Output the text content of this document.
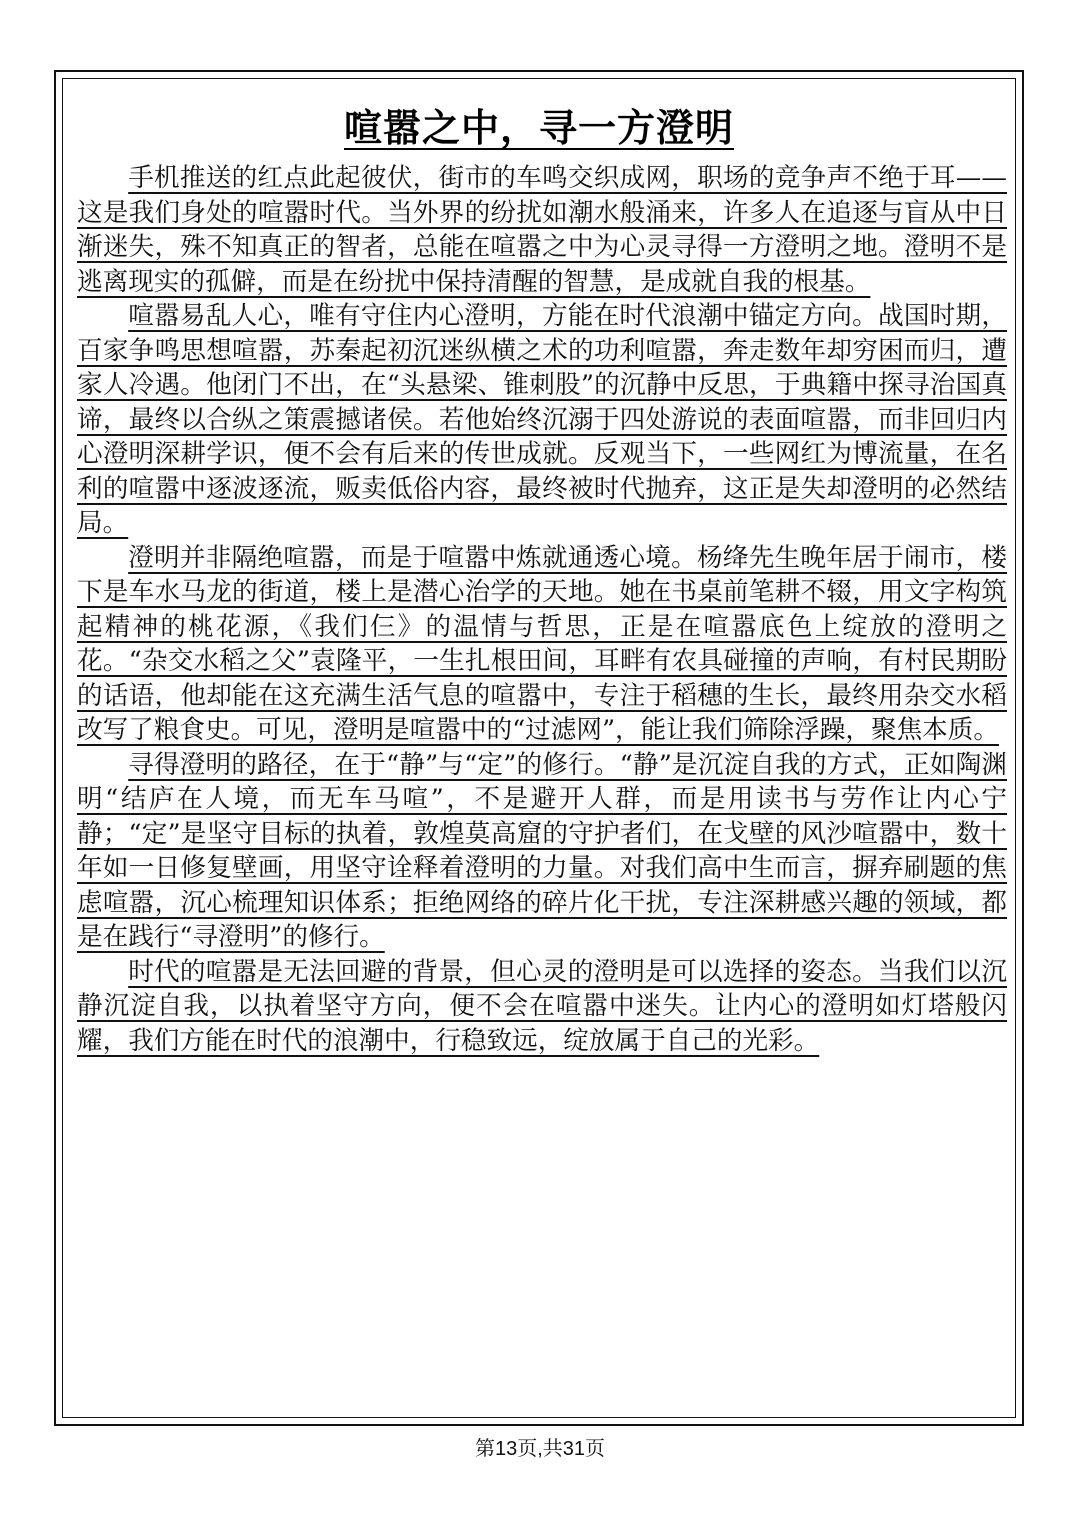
喧嚣之中，寻一方澄明

手机推送的红点此起彼伏，街市的车鸣交织成网，职场的竞争声不绝于耳——这是我们身处的喧嚣时代。当外界的纷扰如潮水般涌来，许多人在追逐与盲从中日渐迷失，殊不知真正的智者，总能在喧嚣之中为心灵寻得一方澄明之地。澄明不是逃离现实的孤僻，而是在纷扰中保持清醒的智慧，是成就自我的根基。

喧嚣易乱人心，唯有守住内心澄明，方能在时代浪潮中锚定方向。战国时期，百家争鸣思想喧嚣，苏秦起初沉迷纵横之术的功利喧嚣，奔走数年却穷困而归，遭家人冷遇。他闭门不出，在“头悬梁、锥刺股”的沉静中反思，于典籍中探寻治国真谛，最终以合纵之策震撼诸侯。若他始终沉溺于四处游说的表面喧嚣，而非回归内心澄明深耕学识，便不会有后来的传世成就。反观当下，一些网红为博流量，在名利的喧嚣中逐波逐流，贩卖低俗内容，最终被时代抛弃，这正是失却澄明的必然结局。

澄明并非隔绝喧嚣，而是于喧嚣中炼就通透心境。杨绛先生晚年居于闹市，楼下是车水马龙的街道，楼上是潜心治学的天地。她在书桌前笔耕不辍，用文字构筑起精神的桃花源，《我们仨》的温情与哲思，正是在喧嚣底色上绽放的澄明之花。“杂交水稻之父”袁隆平，一生扎根田间，耳畔有农具碰撞的声响，有村民期盼的话语，他却能在这充满生活气息的喧嚣中，专注于稻穗的生长，最终用杂交水稻改写了粮食史。可见，澄明是喧嚣中的“过滤网”，能让我们筛除浮躁，聚焦本质。

寻得澄明的路径，在于“静”与“定”的修行。“静”是沉淀自我的方式，正如陶渊明“结庐在人境，而无车马喧”，不是避开人群，而是用读书与劳作让内心宁静；“定”是坚守目标的执着，敦煌莫高窟的守护者们，在戈壁的风沙喧嚣中，数十年如一日修复壁画，用坚守诠释着澄明的力量。对我们高中生而言，摒弃刷题的焦虑喧嚣，沉心梳理知识体系；拒绝网络的碎片化干扰，专注深耕感兴趣的领域，都是在践行“寻澄明”的修行。

时代的喧嚣是无法回避的背景，但心灵的澄明是可以选择的姿态。当我们以沉静沉淀自我，以执着坚守方向，便不会在喧嚣中迷失。让内心的澄明如灯塔般闪耀，我们方能在时代的浪潮中，行稳致远，绽放属于自己的光彩。

第13页,共31页
